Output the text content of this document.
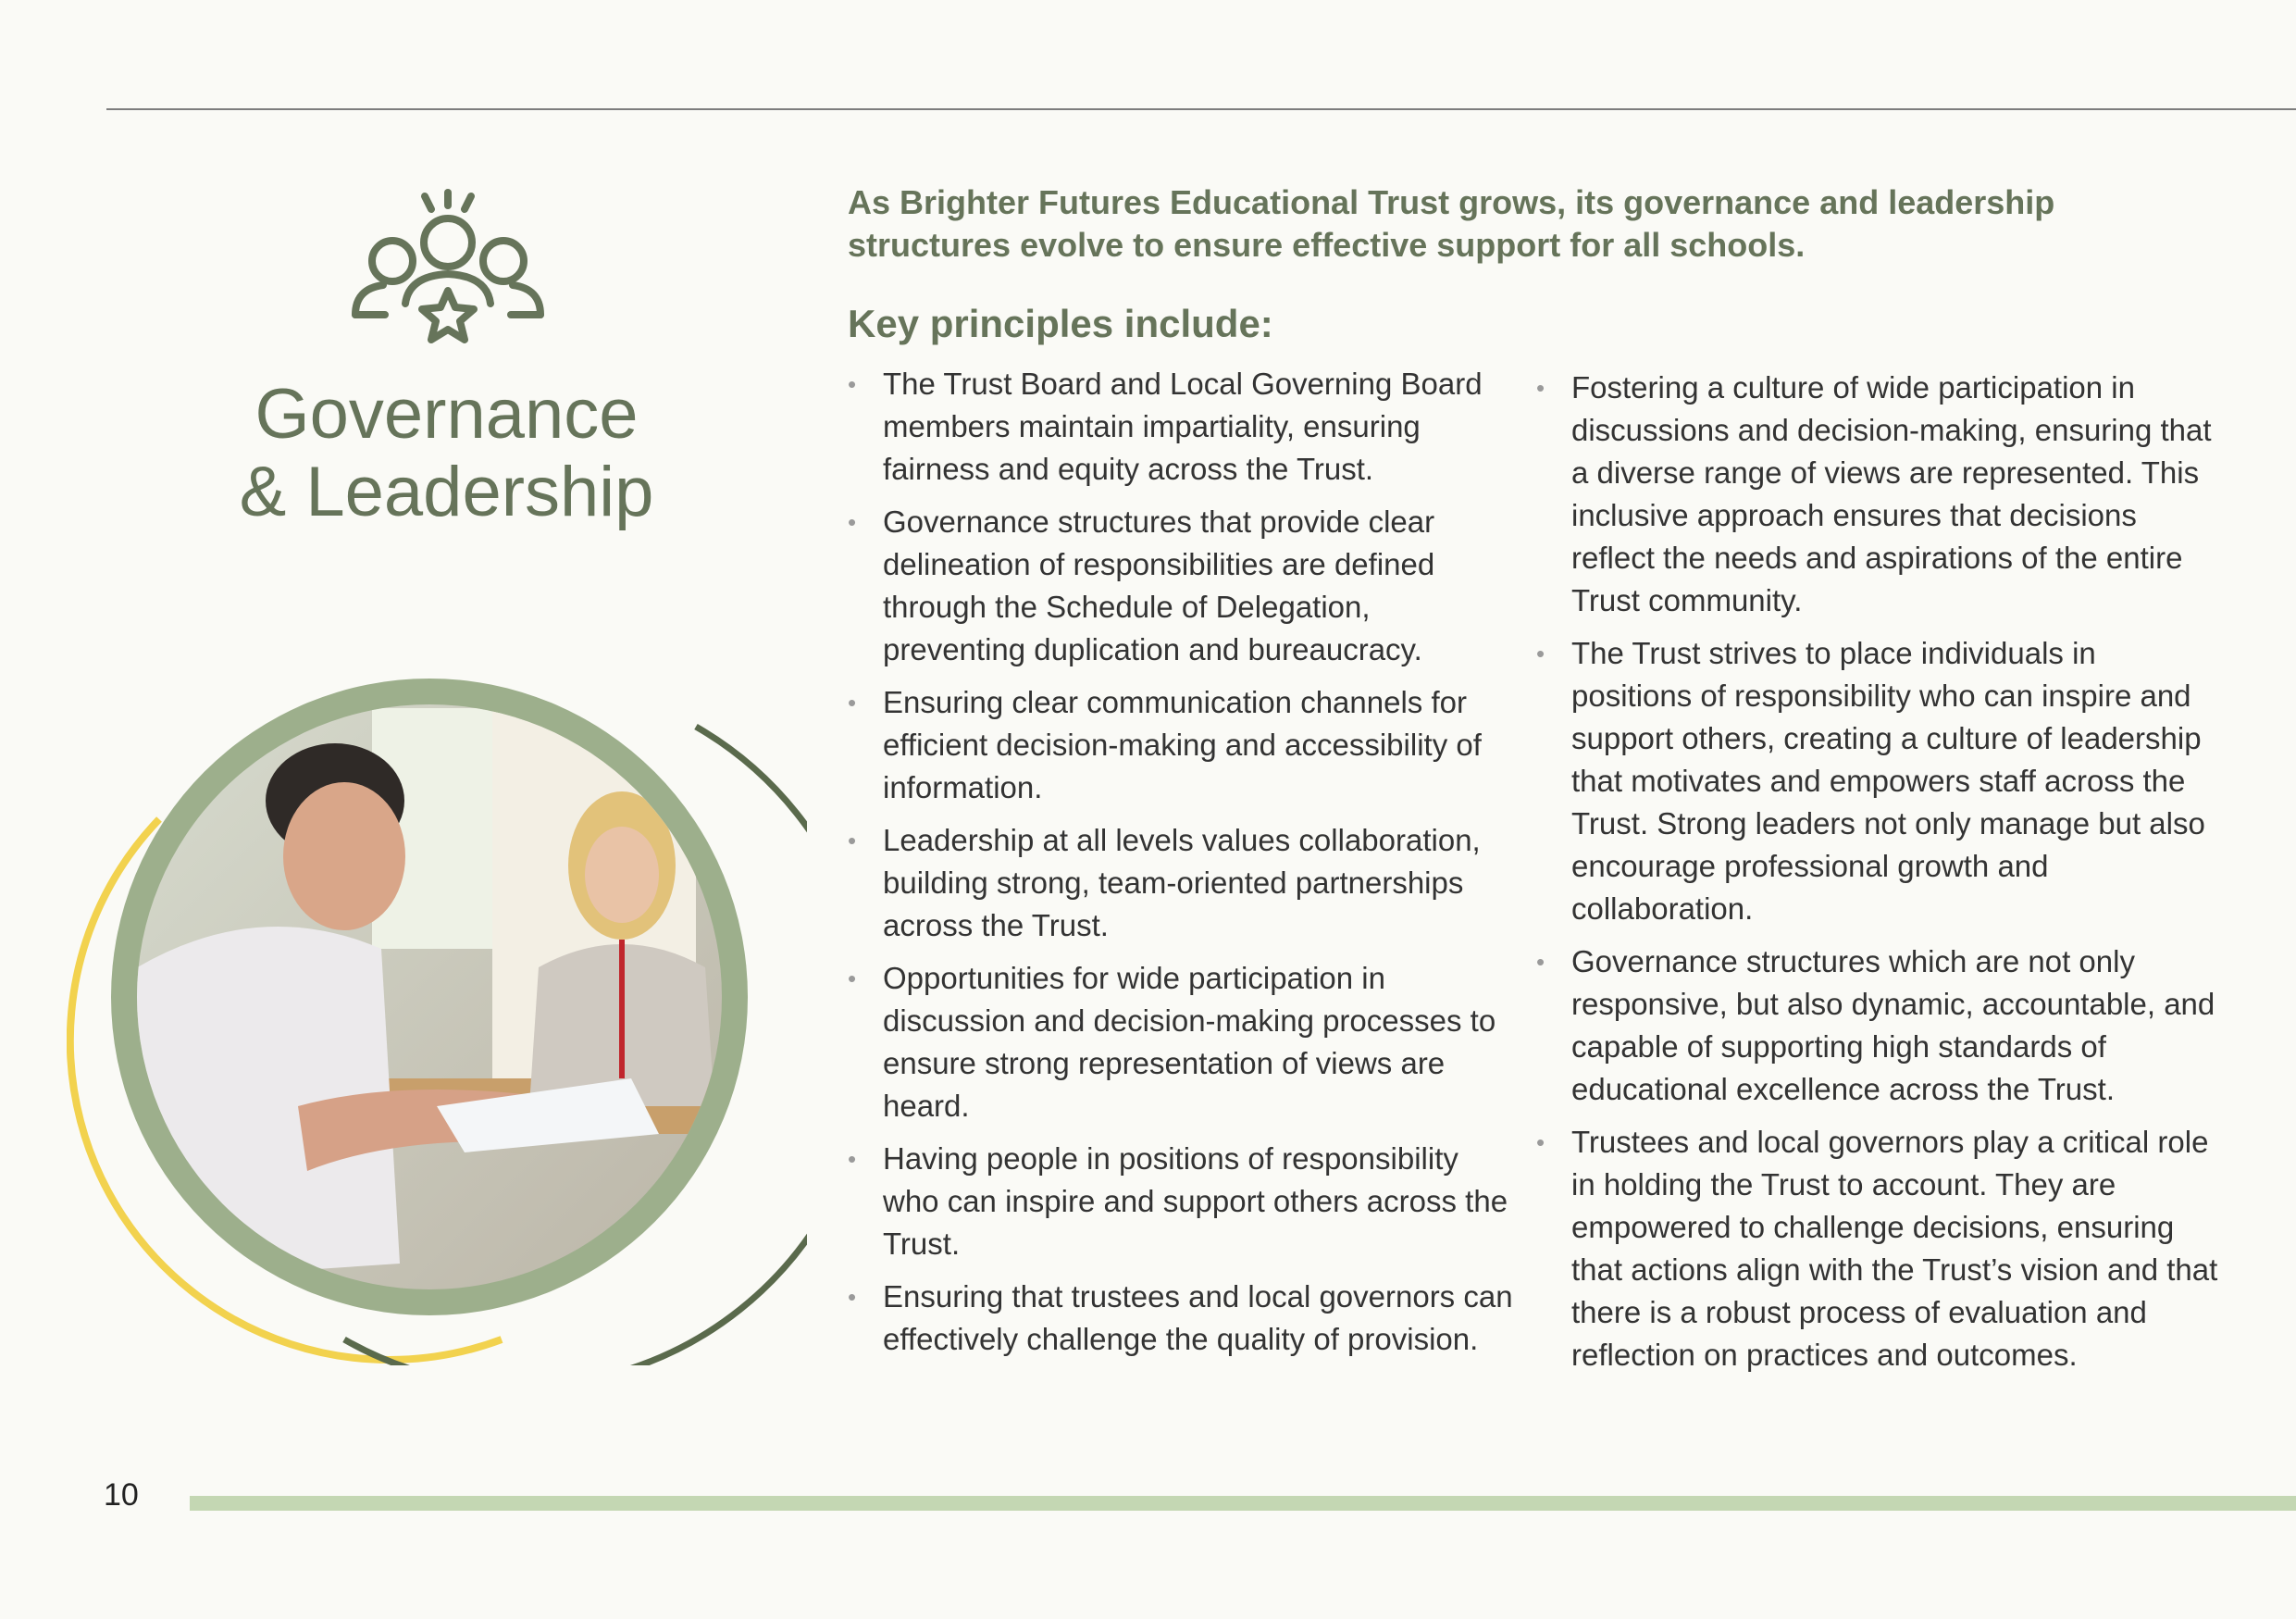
Governance
& Leadership

As Brighter Futures Educational Trust grows, its governance and leadership structures evolve to ensure effective support for all schools.

Key principles include:
• The Trust Board and Local Governing Board members maintain impartiality, ensuring fairness and equity across the Trust.
• Governance structures that provide clear delineation of responsibilities are defined through the Schedule of Delegation, preventing duplication and bureaucracy.
• Ensuring clear communication channels for efficient decision-making and accessibility of information.
• Leadership at all levels values collaboration, building strong, team-oriented partnerships across the Trust.
• Opportunities for wide participation in discussion and decision-making processes to ensure strong representation of views are heard.
• Having people in positions of responsibility who can inspire and support others across the Trust.
• Ensuring that trustees and local governors can effectively challenge the quality of provision.
• Fostering a culture of wide participation in discussions and decision-making, ensuring that a diverse range of views are represented. This inclusive approach ensures that decisions reflect the needs and aspirations of the entire Trust community.
• The Trust strives to place individuals in positions of responsibility who can inspire and support others, creating a culture of leadership that motivates and empowers staff across the Trust. Strong leaders not only manage but also encourage professional growth and collaboration.
• Governance structures which are not only responsive, but also dynamic, accountable, and capable of supporting high standards of educational excellence across the Trust.
• Trustees and local governors play a critical role in holding the Trust to account. They are empowered to challenge decisions, ensuring that actions align with the Trust’s vision and that there is a robust process of evaluation and reflection on practices and outcomes.
10
